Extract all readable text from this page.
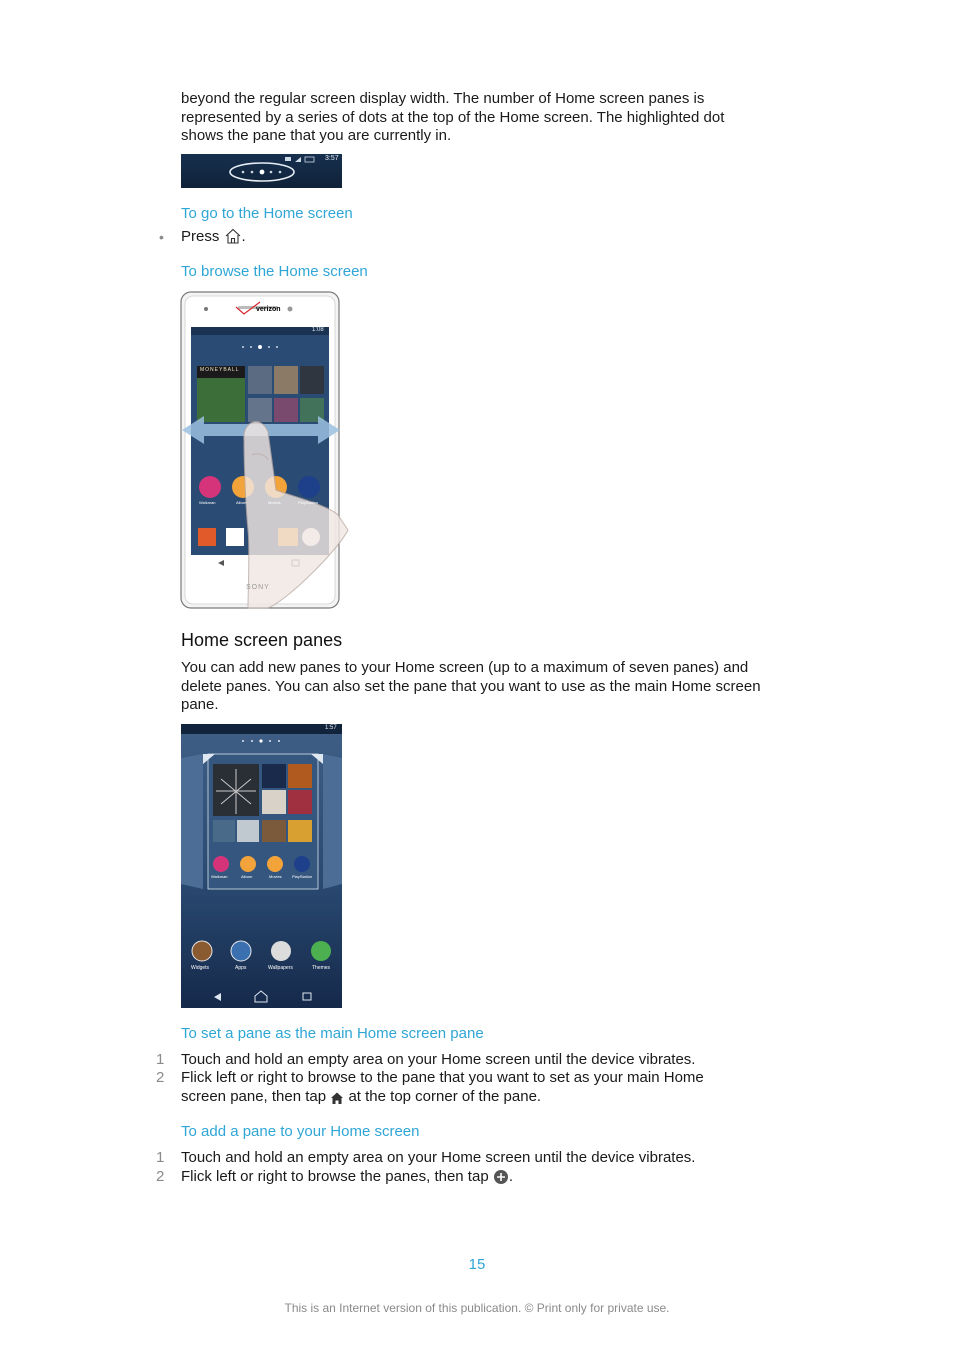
beyond the regular screen display width. The number of Home screen panes is
represented by a series of dots at the top of the Home screen. The highlighted dot
shows the pane that you are currently in.
3:57
To go to the Home screen
• Press .
To browse the Home screen
verizon
1:08
MONEYBALL
Walkman	Album	Movies	PlayStation
SONY
Home screen panes
You can add new panes to your Home screen (up to a maximum of seven panes) and
delete panes. You can also set the pane that you want to use as the main Home screen
pane.
1:57
Walkman	Album	Movies	PlayStation
Widgets	Apps	Wallpapers	Themes
To set a pane as the main Home screen pane
1 Touch and hold an empty area on your Home screen until the device vibrates.
2 Flick left or right to browse to the pane that you want to set as your main Home
screen pane, then tap at the top corner of the pane.
To add a pane to your Home screen
1 Touch and hold an empty area on your Home screen until the device vibrates.
2 Flick left or right to browse the panes, then tap .
15
This is an Internet version of this publication. © Print only for private use.
